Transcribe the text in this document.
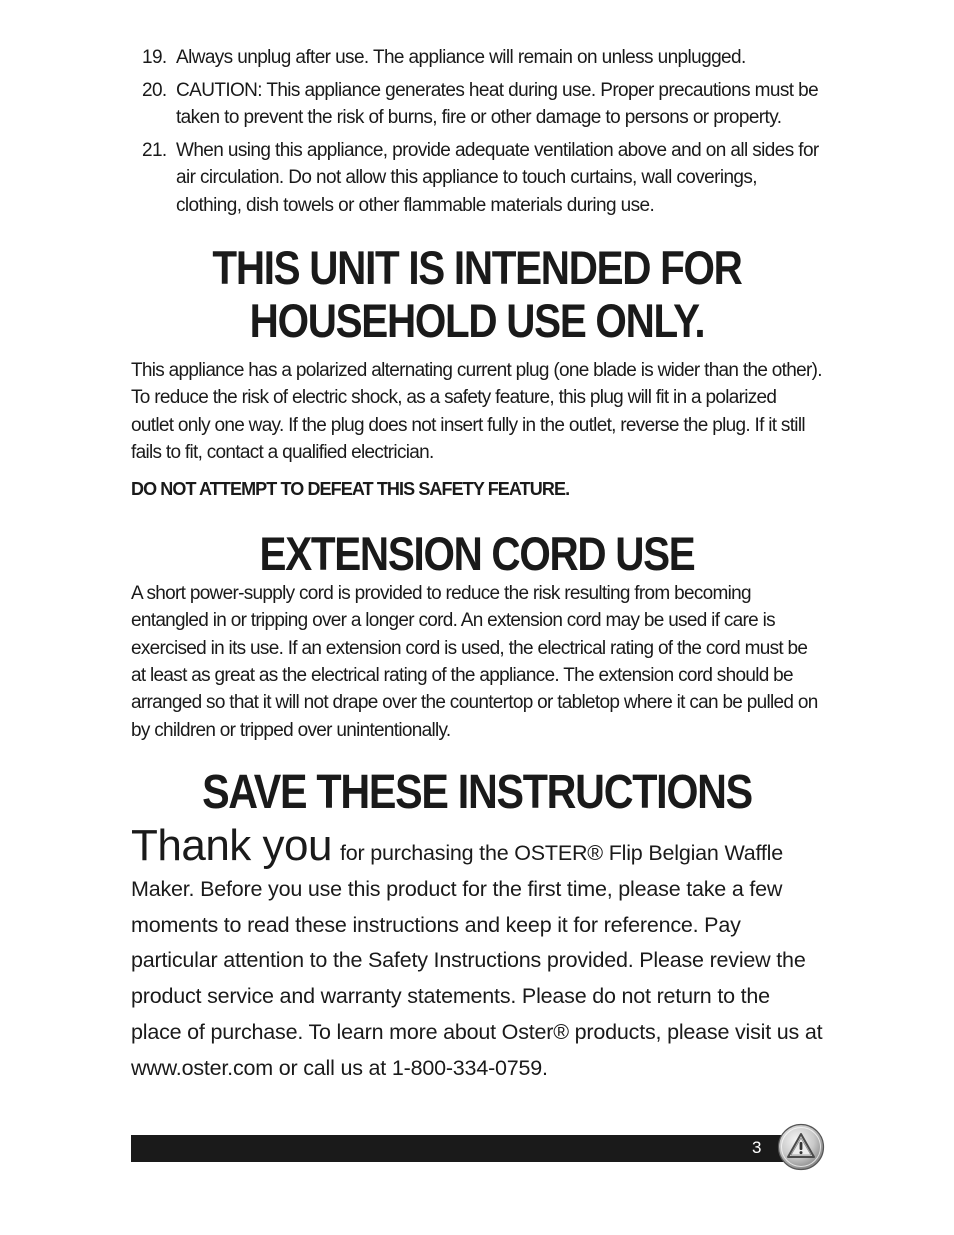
19. Always unplug after use. The appliance will remain on unless unplugged.
20. CAUTION: This appliance generates heat during use. Proper precautions must be taken to prevent the risk of burns, fire or other damage to persons or property.
21. When using this appliance, provide adequate ventilation above and on all sides for air circulation. Do not allow this appliance to touch curtains, wall coverings, clothing, dish towels or other flammable materials during use.
THIS UNIT IS INTENDED FOR
HOUSEHOLD USE ONLY.

This appliance has a polarized alternating current plug (one blade is wider than the other). To reduce the risk of electric shock, as a safety feature, this plug will fit in a polarized outlet only one way. If the plug does not insert fully in the outlet, reverse the plug. If it still fails to fit, contact a qualified electrician.

DO NOT ATTEMPT TO DEFEAT THIS SAFETY FEATURE.
EXTENSION CORD USE

A short power-supply cord is provided to reduce the risk resulting from becoming entangled in or tripping over a longer cord. An extension cord may be used if care is exercised in its use. If an extension cord is used, the electrical rating of the cord must be at least as great as the electrical rating of the appliance. The extension cord should be arranged so that it will not drape over the countertop or tabletop where it can be pulled on by children or tripped over unintentionally.

SAVE THESE INSTRUCTIONS
Thank you for purchasing the OSTER® Flip Belgian Waffle Maker. Before you use this product for the first time, please take a few moments to read these instructions and keep it for reference. Pay particular attention to the Safety Instructions provided. Please review the product service and warranty statements. Please do not return to the place of purchase. To learn more about Oster® products, please visit us at www.oster.com or call us at 1-800-334-0759.
3
